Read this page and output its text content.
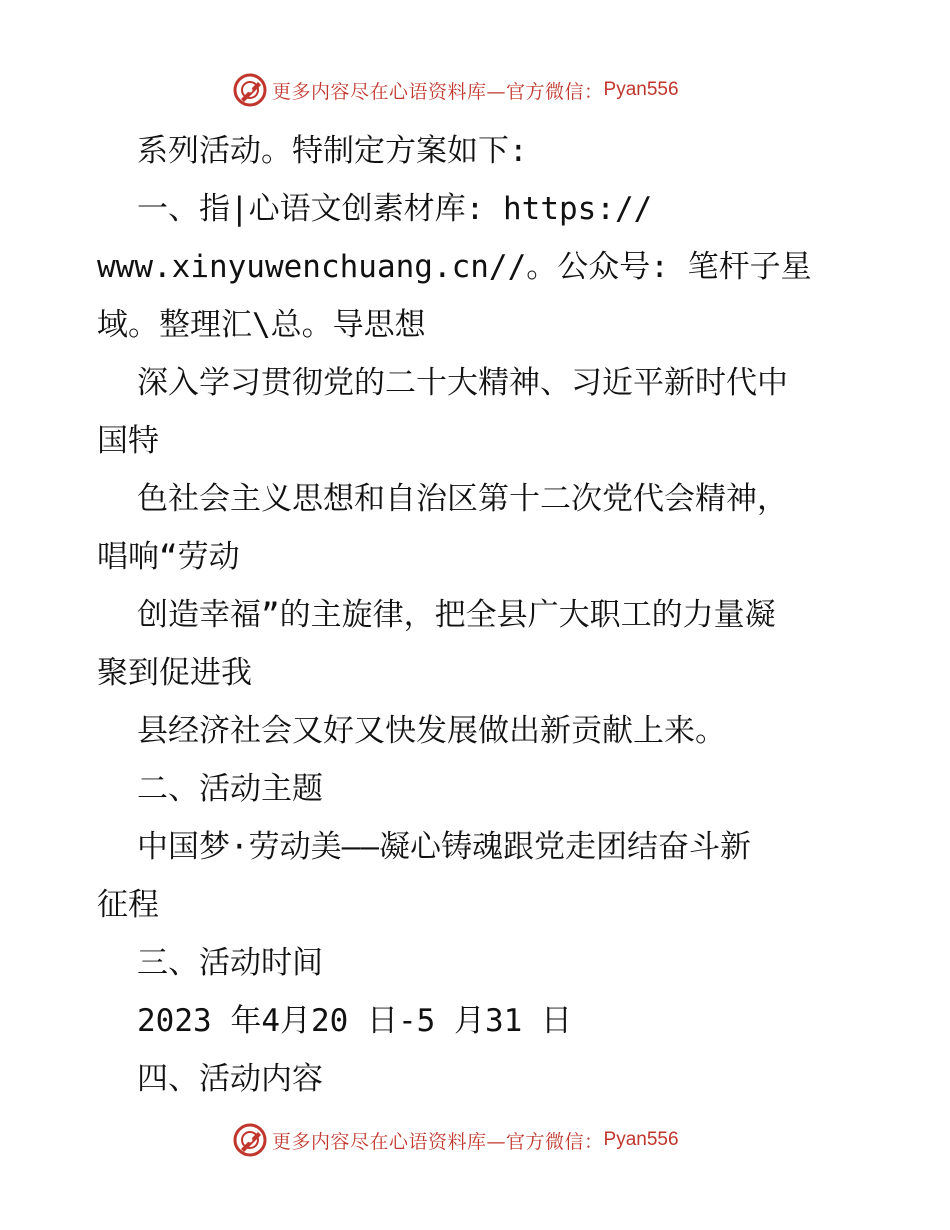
更多内容尽在心语资料库—官方微信： Pyan556
系列活动。特制定方案如下:
一、指|心语文创素材库: https://
www.xinyuwenchuang.cn//。公众号: 笔杆子星
域。整理汇\总。导思想
深入学习贯彻党的二十大精神、习近平新时代中
国特
色社会主义思想和自治区第十二次党代会精神，
唱响“劳动
创造幸福”的主旋律，把全县广大职工的力量凝
聚到促进我
县经济社会又好又快发展做出新贡献上来。
二、活动主题
中国梦·劳动美——凝心铸魂跟党走团结奋斗新
征程
三、活动时间
2023 年4月20 日-5 月31 日
四、活动内容
更多内容尽在心语资料库—官方微信： Pyan556
